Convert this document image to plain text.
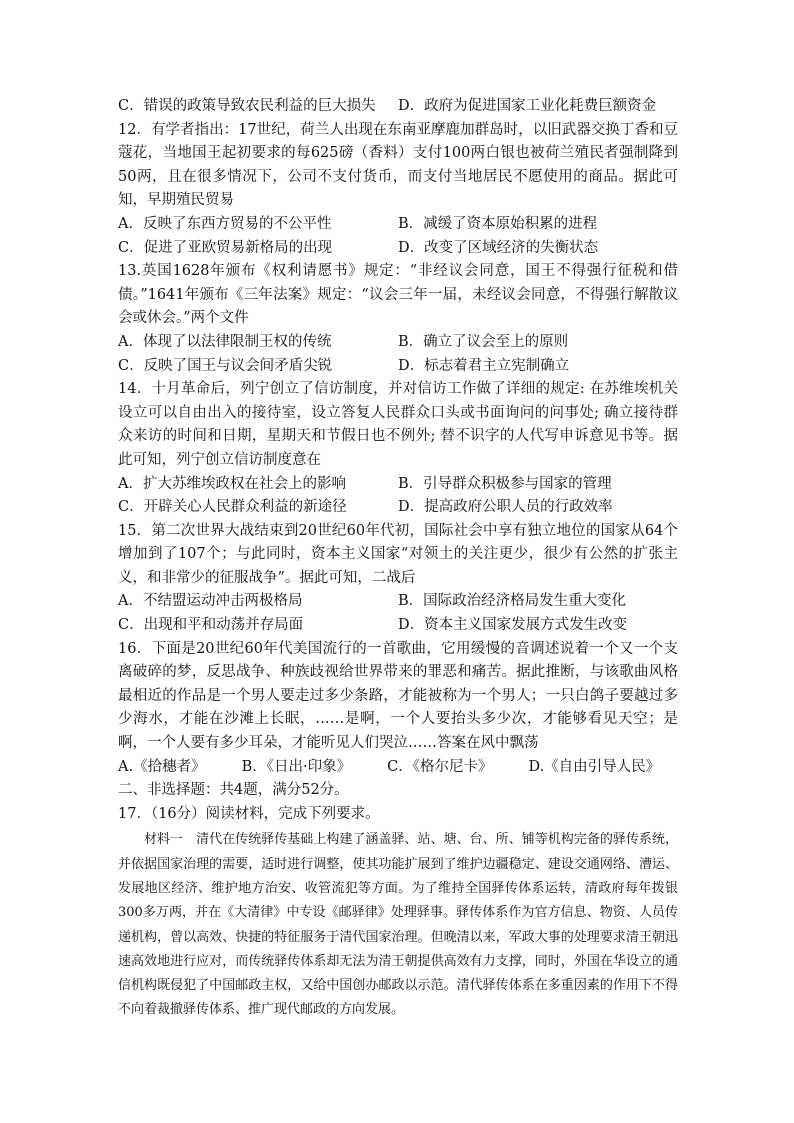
C．错误的政策导致农民利益的巨大损失 D．政府为促进国家工业化耗费巨额资金
12．有学者指出：17世纪，荷兰人出现在东南亚摩鹿加群岛时，以旧武器交换丁香和豆蔻花，当地国王起初要求的每625磅（香料）支付100两白银也被荷兰殖民者强制降到50两，且在很多情况下，公司不支付货币，而支付当地居民不愿使用的商品。据此可知，早期殖民贸易
A．反映了东西方贸易的不公平性	B．减缓了资本原始积累的进程
C．促进了亚欧贸易新格局的出现	D．改变了区域经济的失衡状态
13.英国1628年颁布《权利请愿书》规定：“非经议会同意，国王不得强行征税和借债。”1641年颁布《三年法案》规定：“议会三年一届，未经议会同意，不得强行解散议会或休会。”两个文件
A．体现了以法律限制王权的传统	B．确立了议会至上的原则
C．反映了国王与议会间矛盾尖锐	D．标志着君主立宪制确立
14．十月革命后，列宁创立了信访制度，并对信访工作做了详细的规定: 在苏维埃机关设立可以自由出入的接待室，设立答复人民群众口头或书面询问的问事处; 确立接待群众来访的时间和日期，星期天和节假日也不例外; 替不识字的人代写申诉意见书等。据此可知，列宁创立信访制度意在
A．扩大苏维埃政权在社会上的影响	B．引导群众积极参与国家的管理
C．开辟关心人民群众利益的新途径	D．提高政府公职人员的行政效率
15．第二次世界大战结束到20世纪60年代初，国际社会中享有独立地位的国家从64个增加到了107个；与此同时，资本主义国家“对领土的关注更少，很少有公然的扩张主义，和非常少的征服战争”。据此可知，二战后
A．不结盟运动冲击两极格局	B．国际政治经济格局发生重大变化
C．出现和平和动荡并存局面	D．资本主义国家发展方式发生改变
16．下面是20世纪60年代美国流行的一首歌曲，它用缓慢的音调述说着一个又一个支离破碎的梦，反思战争、种族歧视给世界带来的罪恶和痛苦。据此推断，与该歌曲风格最相近的作品是一个男人要走过多少条路，才能被称为一个男人；一只白鸽子要越过多少海水，才能在沙滩上长眠，……是啊，一个人要抬头多少次，才能够看见天空；是啊，一个人要有多少耳朵，才能听见人们哭泣……答案在风中飘荡
A.《拾穗者》 B．《日出·印象》 C．《格尔尼卡》 D.《自由引导人民》
二、非选择题：共4题，满分52分。
17．（16分）阅读材料，完成下列要求。
材料一　清代在传统驿传基础上构建了涵盖驿、站、塘、台、所、铺等机构完备的驿传系统，并依据国家治理的需要，适时进行调整，使其功能扩展到了维护边疆稳定、建设交通网络、漕运、发展地区经济、维护地方治安、收管流犯等方面。为了维持全国驿传体系运转，清政府每年拨银300多万两，并在《大清律》中专设《邮驿律》处理驿事。驿传体系作为官方信息、物资、人员传递机构，曾以高效、快捷的特征服务于清代国家治理。但晚清以来，军政大事的处理要求清王朝迅速高效地进行应对，而传统驿传体系却无法为清王朝提供高效有力支撑，同时，外国在华设立的通信机构既侵犯了中国邮政主权，又给中国创办邮政以示范。清代驿传体系在多重因素的作用下不得不向着裁撤驿传体系、推广现代邮政的方向发展。
